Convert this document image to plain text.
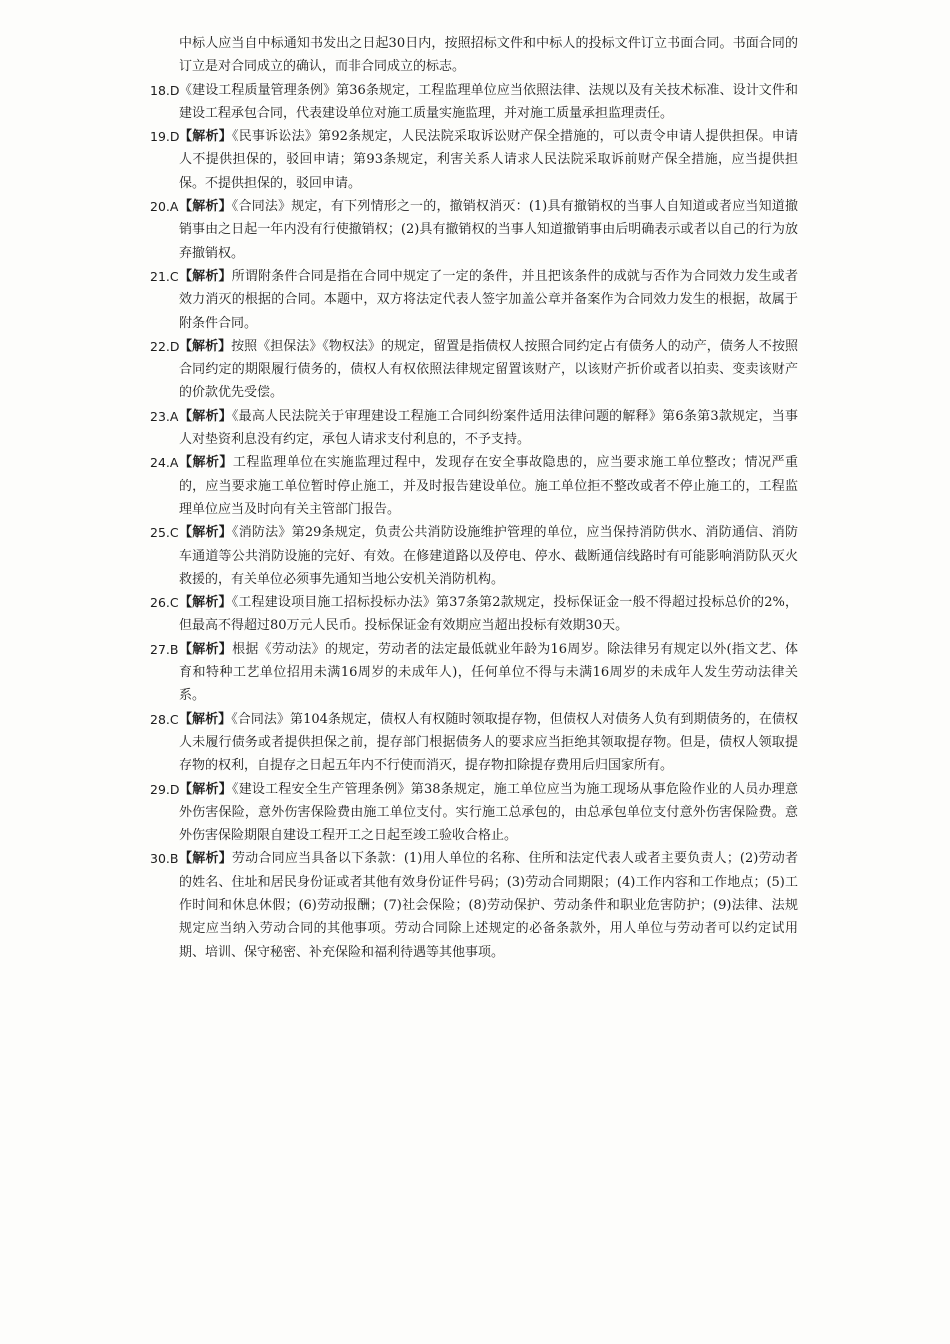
中标人应当自中标通知书发出之日起30日内，按照招标文件和中标人的投标文件订立书面合同。书面合同的订立是对合同成立的确认，而非合同成立的标志。
18.D 《建设工程质量管理条例》第36条规定，工程监理单位应当依照法律、法规以及有关技术标准、设计文件和建设工程承包合同，代表建设单位对施工质量实施监理，并对施工质量承担监理责任。
19.D 【解析】《民事诉讼法》第92条规定，人民法院采取诉讼财产保全措施的，可以责令申请人提供担保。申请人不提供担保的，驳回申请；第93条规定，利害关系人请求人民法院采取诉前财产保全措施，应当提供担保。不提供担保的，驳回申请。
20.A 【解析】《合同法》规定，有下列情形之一的，撤销权消灭：(1)具有撤销权的当事人自知道或者应当知道撤销事由之日起一年内没有行使撤销权；(2)具有撤销权的当事人知道撤销事由后明确表示或者以自己的行为放弃撤销权。
21.C 【解析】所谓附条件合同是指在合同中规定了一定的条件，并且把该条件的成就与否作为合同效力发生或者效力消灭的根据的合同。本题中，双方将法定代表人签字加盖公章并备案作为合同效力发生的根据，故属于附条件合同。
22.D 【解析】按照《担保法》《物权法》的规定，留置是指债权人按照合同约定占有债务人的动产，债务人不按照合同约定的期限履行债务的，债权人有权依照法律规定留置该财产，以该财产折价或者以拍卖、变卖该财产的价款优先受偿。
23.A 【解析】《最高人民法院关于审理建设工程施工合同纠纷案件适用法律问题的解释》第6条第3款规定，当事人对垫资利息没有约定，承包人请求支付利息的，不予支持。
24.A 【解析】工程监理单位在实施监理过程中，发现存在安全事故隐患的，应当要求施工单位整改；情况严重的，应当要求施工单位暂时停止施工，并及时报告建设单位。施工单位拒不整改或者不停止施工的，工程监理单位应当及时向有关主管部门报告。
25.C 【解析】《消防法》第29条规定，负责公共消防设施维护管理的单位，应当保持消防供水、消防通信、消防车通道等公共消防设施的完好、有效。在修建道路以及停电、停水、截断通信线路时有可能影响消防队灭火救援的，有关单位必须事先通知当地公安机关消防机构。
26.C 【解析】《工程建设项目施工招标投标办法》第37条第2款规定，投标保证金一般不得超过投标总价的2%，但最高不得超过80万元人民币。投标保证金有效期应当超出投标有效期30天。
27.B 【解析】根据《劳动法》的规定，劳动者的法定最低就业年龄为16周岁。除法律另有规定以外(指文艺、体育和特种工艺单位招用未满16周岁的未成年人)，任何单位不得与未满16周岁的未成年人发生劳动法律关系。
28.C 【解析】《合同法》第104条规定，债权人有权随时领取提存物，但债权人对债务人负有到期债务的，在债权人未履行债务或者提供担保之前，提存部门根据债务人的要求应当拒绝其领取提存物。但是，债权人领取提存物的权利，自提存之日起五年内不行使而消灭，提存物扣除提存费用后归国家所有。
29.D 【解析】《建设工程安全生产管理条例》第38条规定，施工单位应当为施工现场从事危险作业的人员办理意外伤害保险，意外伤害保险费由施工单位支付。实行施工总承包的，由总承包单位支付意外伤害保险费。意外伤害保险期限自建设工程开工之日起至竣工验收合格止。
30.B 【解析】劳动合同应当具备以下条款：(1)用人单位的名称、住所和法定代表人或者主要负责人；(2)劳动者的姓名、住址和居民身份证或者其他有效身份证件号码；(3)劳动合同期限；(4)工作内容和工作地点；(5)工作时间和休息休假；(6)劳动报酬；(7)社会保险；(8)劳动保护、劳动条件和职业危害防护；(9)法律、法规规定应当纳入劳动合同的其他事项。劳动合同除上述规定的必备条款外，用人单位与劳动者可以约定试用期、培训、保守秘密、补充保险和福利待遇等其他事项。
